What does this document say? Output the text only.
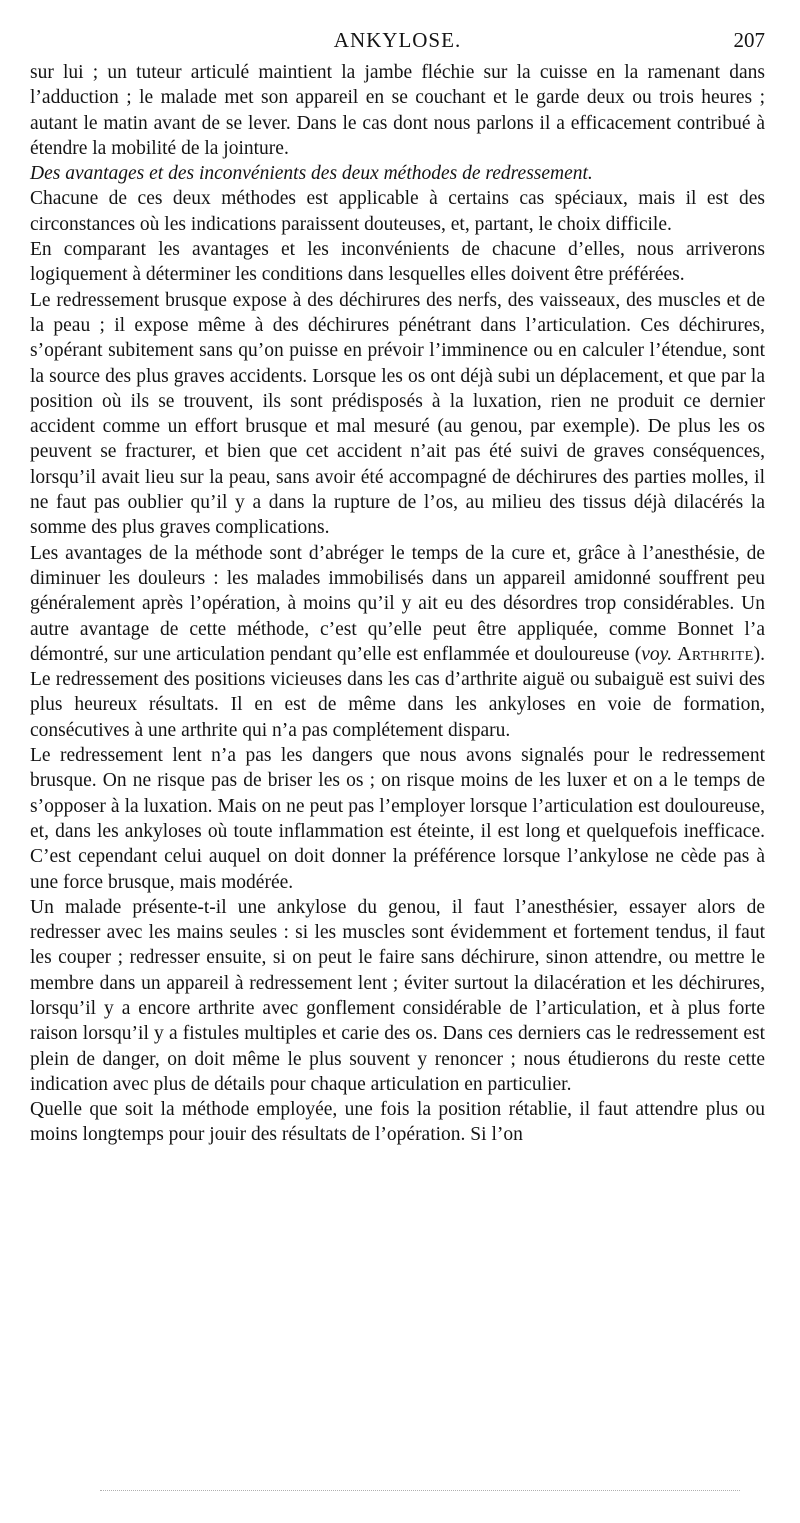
ANKYLOSE.	207

sur lui ; un tuteur articulé maintient la jambe fléchie sur la cuisse en la ramenant dans l’adduction ; le malade met son appareil en se couchant et le garde deux ou trois heures ; autant le matin avant de se lever. Dans le cas dont nous parlons il a efficacement contribué à étendre la mobilité de la jointure.

Des avantages et des inconvénients des deux méthodes de redressement.

Chacune de ces deux méthodes est applicable à certains cas spéciaux, mais il est des circonstances où les indications paraissent douteuses, et, partant, le choix difficile.

En comparant les avantages et les inconvénients de chacune d’elles, nous arriverons logiquement à déterminer les conditions dans lesquelles elles doivent être préférées.

Le redressement brusque expose à des déchirures des nerfs, des vaisseaux, des muscles et de la peau ; il expose même à des déchirures pénétrant dans l’articulation. Ces déchirures, s’opérant subitement sans qu’on puisse en prévoir l’imminence ou en calculer l’étendue, sont la source des plus graves accidents. Lorsque les os ont déjà subi un déplacement, et que par la position où ils se trouvent, ils sont prédisposés à la luxation, rien ne produit ce dernier accident comme un effort brusque et mal mesuré (au genou, par exemple). De plus les os peuvent se fracturer, et bien que cet accident n’ait pas été suivi de graves conséquences, lorsqu’il avait lieu sur la peau, sans avoir été accompagné de déchirures des parties molles, il ne faut pas oublier qu’il y a dans la rupture de l’os, au milieu des tissus déjà dilacérés la somme des plus graves complications.

Les avantages de la méthode sont d’abréger le temps de la cure et, grâce à l’anesthésie, de diminuer les douleurs : les malades immobilisés dans un appareil amidonné souffrent peu généralement après l’opération, à moins qu’il y ait eu des désordres trop considérables. Un autre avantage de cette méthode, c’est qu’elle peut être appliquée, comme Bonnet l’a démontré, sur une articulation pendant qu’elle est enflammée et douloureuse (voy. Arthrite). Le redressement des positions vicieuses dans les cas d’arthrite aiguë ou subaiguë est suivi des plus heureux résultats. Il en est de même dans les ankyloses en voie de formation, consécutives à une arthrite qui n’a pas complétement disparu.

Le redressement lent n’a pas les dangers que nous avons signalés pour le redressement brusque. On ne risque pas de briser les os ; on risque moins de les luxer et on a le temps de s’opposer à la luxation. Mais on ne peut pas l’employer lorsque l’articulation est douloureuse, et, dans les ankyloses où toute inflammation est éteinte, il est long et quelquefois inefficace. C’est cependant celui auquel on doit donner la préférence lorsque l’ankylose ne cède pas à une force brusque, mais modérée.

Un malade présente-t-il une ankylose du genou, il faut l’anesthésier, essayer alors de redresser avec les mains seules : si les muscles sont évidemment et fortement tendus, il faut les couper ; redresser ensuite, si on peut le faire sans déchirure, sinon attendre, ou mettre le membre dans un appareil à redressement lent ; éviter surtout la dilacération et les déchirures, lorsqu’il y a encore arthrite avec gonflement considérable de l’articulation, et à plus forte raison lorsqu’il y a fistules multiples et carie des os. Dans ces derniers cas le redressement est plein de danger, on doit même le plus souvent y renoncer ; nous étudierons du reste cette indication avec plus de détails pour chaque articulation en particulier.

Quelle que soit la méthode employée, une fois la position rétablie, il faut attendre plus ou moins longtemps pour jouir des résultats de l’opération. Si l’on
